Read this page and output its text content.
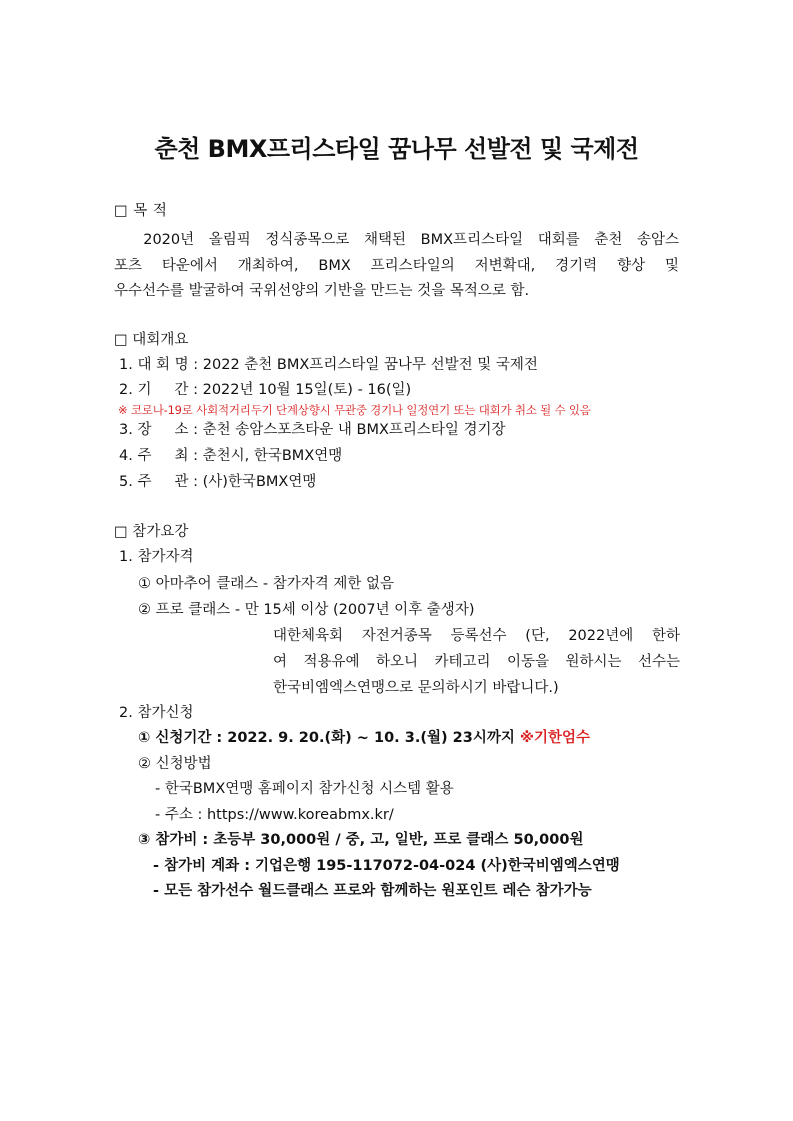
춘천 BMX프리스타일 꿈나무 선발전 및 국제전
□ 목 적
2020년 올림픽 정식종목으로 채택된 BMX프리스타일 대회를 춘천 송암스
포츠 타운에서 개최하여, BMX 프리스타일의 저변확대, 경기력 향상 및
우수선수를 발굴하여 국위선양의 기반을 만드는 것을 목적으로 함.
□ 대회개요
1. 대 회 명 : 2022 춘천 BMX프리스타일 꿈나무 선발전 및 국제전
2. 기     간 : 2022년 10월 15일(토) - 16(일)
※ 코로나-19로 사회적거리두기 단계상향시 무관중 경기나 일정연기 또는 대회가 취소 될 수 있음
3. 장     소 : 춘천 송암스포츠타운 내 BMX프리스타일 경기장
4. 주     최 : 춘천시, 한국BMX연맹
5. 주     관 : (사)한국BMX연맹
□ 참가요강
1. 참가자격
① 아마추어 클래스 - 참가자격 제한 없음
② 프로 클래스 - 만 15세 이상 (2007년 이후 출생자)
대한체육회 자전거종목 등록선수 (단, 2022년에 한하
여 적용유예 하오니 카테고리 이동을 원하시는 선수는
한국비엠엑스연맹으로 문의하시기 바랍니다.)
2. 참가신청
① 신청기간 : 2022. 9. 20.(화) ~ 10. 3.(월) 23시까지 ※기한엄수
② 신청방법
- 한국BMX연맹 홈페이지 참가신청 시스템 활용
- 주소 : https://www.koreabmx.kr/
③ 참가비 : 초등부 30,000원 / 중, 고, 일반, 프로 클래스 50,000원
- 참가비 계좌 : 기업은행 195-117072-04-024 (사)한국비엠엑스연맹
- 모든 참가선수 월드클래스 프로와 함께하는 원포인트 레슨 참가가능
